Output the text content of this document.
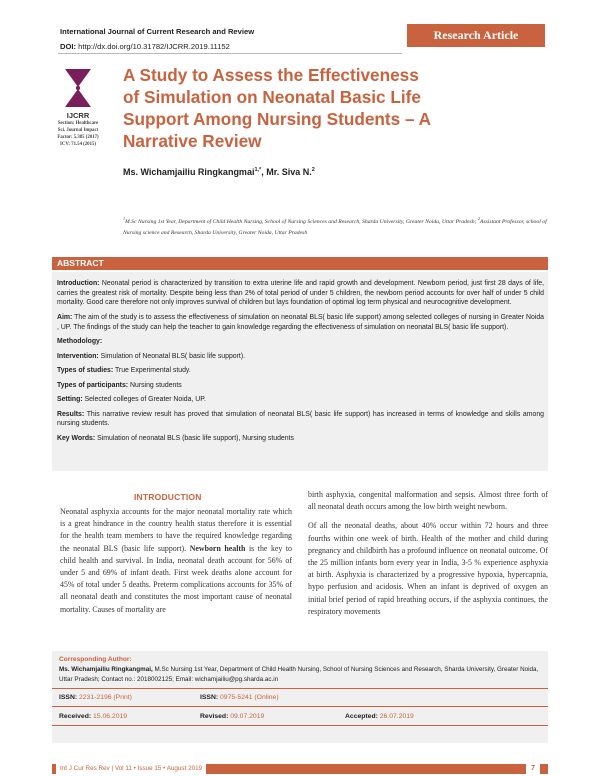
International Journal of Current Research and Review
DOI: http://dx.doi.org/10.31782/IJCRR.2019.11152
Research Article
IJCRR
Section: Healthcare
Sci. Journal Impact
Factor: 5.385 (2017)
ICV: 71.54 (2015)
A Study to Assess the Effectiveness
of Simulation on Neonatal Basic Life
Support Among Nursing Students – A
Narrative Review
Ms. Wichamjailiu Ringkangmai$^{1,*}$, Mr. Siva N.$^2$
$^1$M.Sc Nursing 1st Year, Department of Child Health Nursing, School of Nursing Sciences and Research, Sharda University, Greater Noida, Uttar Pradesh; $^2$Assistant Professor, school of Nursing science and Research, Sharda University, Greater Noida, Uttar Pradesh
ABSTRACT
Introduction: Neonatal period is characterized by transition to extra uterine life and rapid growth and development. Newborn period, just first 28 days of life, carries the greatest risk of mortality. Despite being less than 2% of total period of under 5 children, the newborn period accounts for over half of under 5 child mortality. Good care therefore not only improves survival of children but lays foundation of optimal log term physical and neurocognitive development.
Aim: The aim of the study is to assess the effectiveness of simulation on neonatal BLS( basic life support) among selected colleges of nursing in Greater Noida , UP. The findings of the study can help the teacher to gain knowledge regarding the effectiveness of simulation on neonatal BLS( basic life support).
Methodology:
Intervention: Simulation of Neonatal BLS( basic life support).
Types of studies: True Experimental study.
Types of participants: Nursing students
Setting: Selected colleges of Greater Noida, UP.
Results: This narrative review result has proved that simulation of neonatal BLS( basic life support) has increased in terms of knowledge and skills among nursing students.
Key Words: Simulation of neonatal BLS (basic life support), Nursing students
INTRODUCTION

Neonatal asphyxia accounts for the major neonatal mortality rate which is a great hindrance in the country health status therefore it is essential for the health team members to have the required knowledge regarding the neonatal BLS (basic life support). Newborn health is the key to child health and survival. In India, neonatal death account for 56% of under 5 and 69% of infant death. First week deaths alone account for 45% of total under 5 deaths. Preterm complications accounts for 35% of all neonatal death and constitutes the most important cause of neonatal mortality. Causes of mortality are

birth asphyxia, congenital malformation and sepsis. Almost three forth of all neonatal death occurs among the low birth weight newborn.

Of all the neonatal deaths, about 40% occur within 72 hours and three fourths within one week of birth. Health of the mother and child during pregnancy and childbirth has a profound influence on neonatal outcome. Of the 25 million infants born every year in India, 3-5 % experience asphyxia at birth. Asphyxia is characterized by a progressive hypoxia, hypercapnia, hypo perfusion and acidosis. When an infant is deprived of oxygen an initial brief period of rapid breathing occurs, if the asphyxia continues, the respiratory movements

Corresponding Author:
Ms. Wichamjailiu Ringkangmai, M.Sc Nursing 1st Year, Department of Child Health Nursing, School of Nursing Sciences and Research, Sharda University, Greater Noida, Uttar Pradesh; Contact no.: 2018002125; Email: wichamjailiu@pg.sharda.ac.in
ISSN: 2231-2196 (Print)	ISSN: 0975-5241 (Online)
Received: 15.06.2019	Revised: 09.07.2019	Accepted: 26.07.2019
Int J Cur Res Rev | Vol 11 • Issue 15 • August 2019	7
